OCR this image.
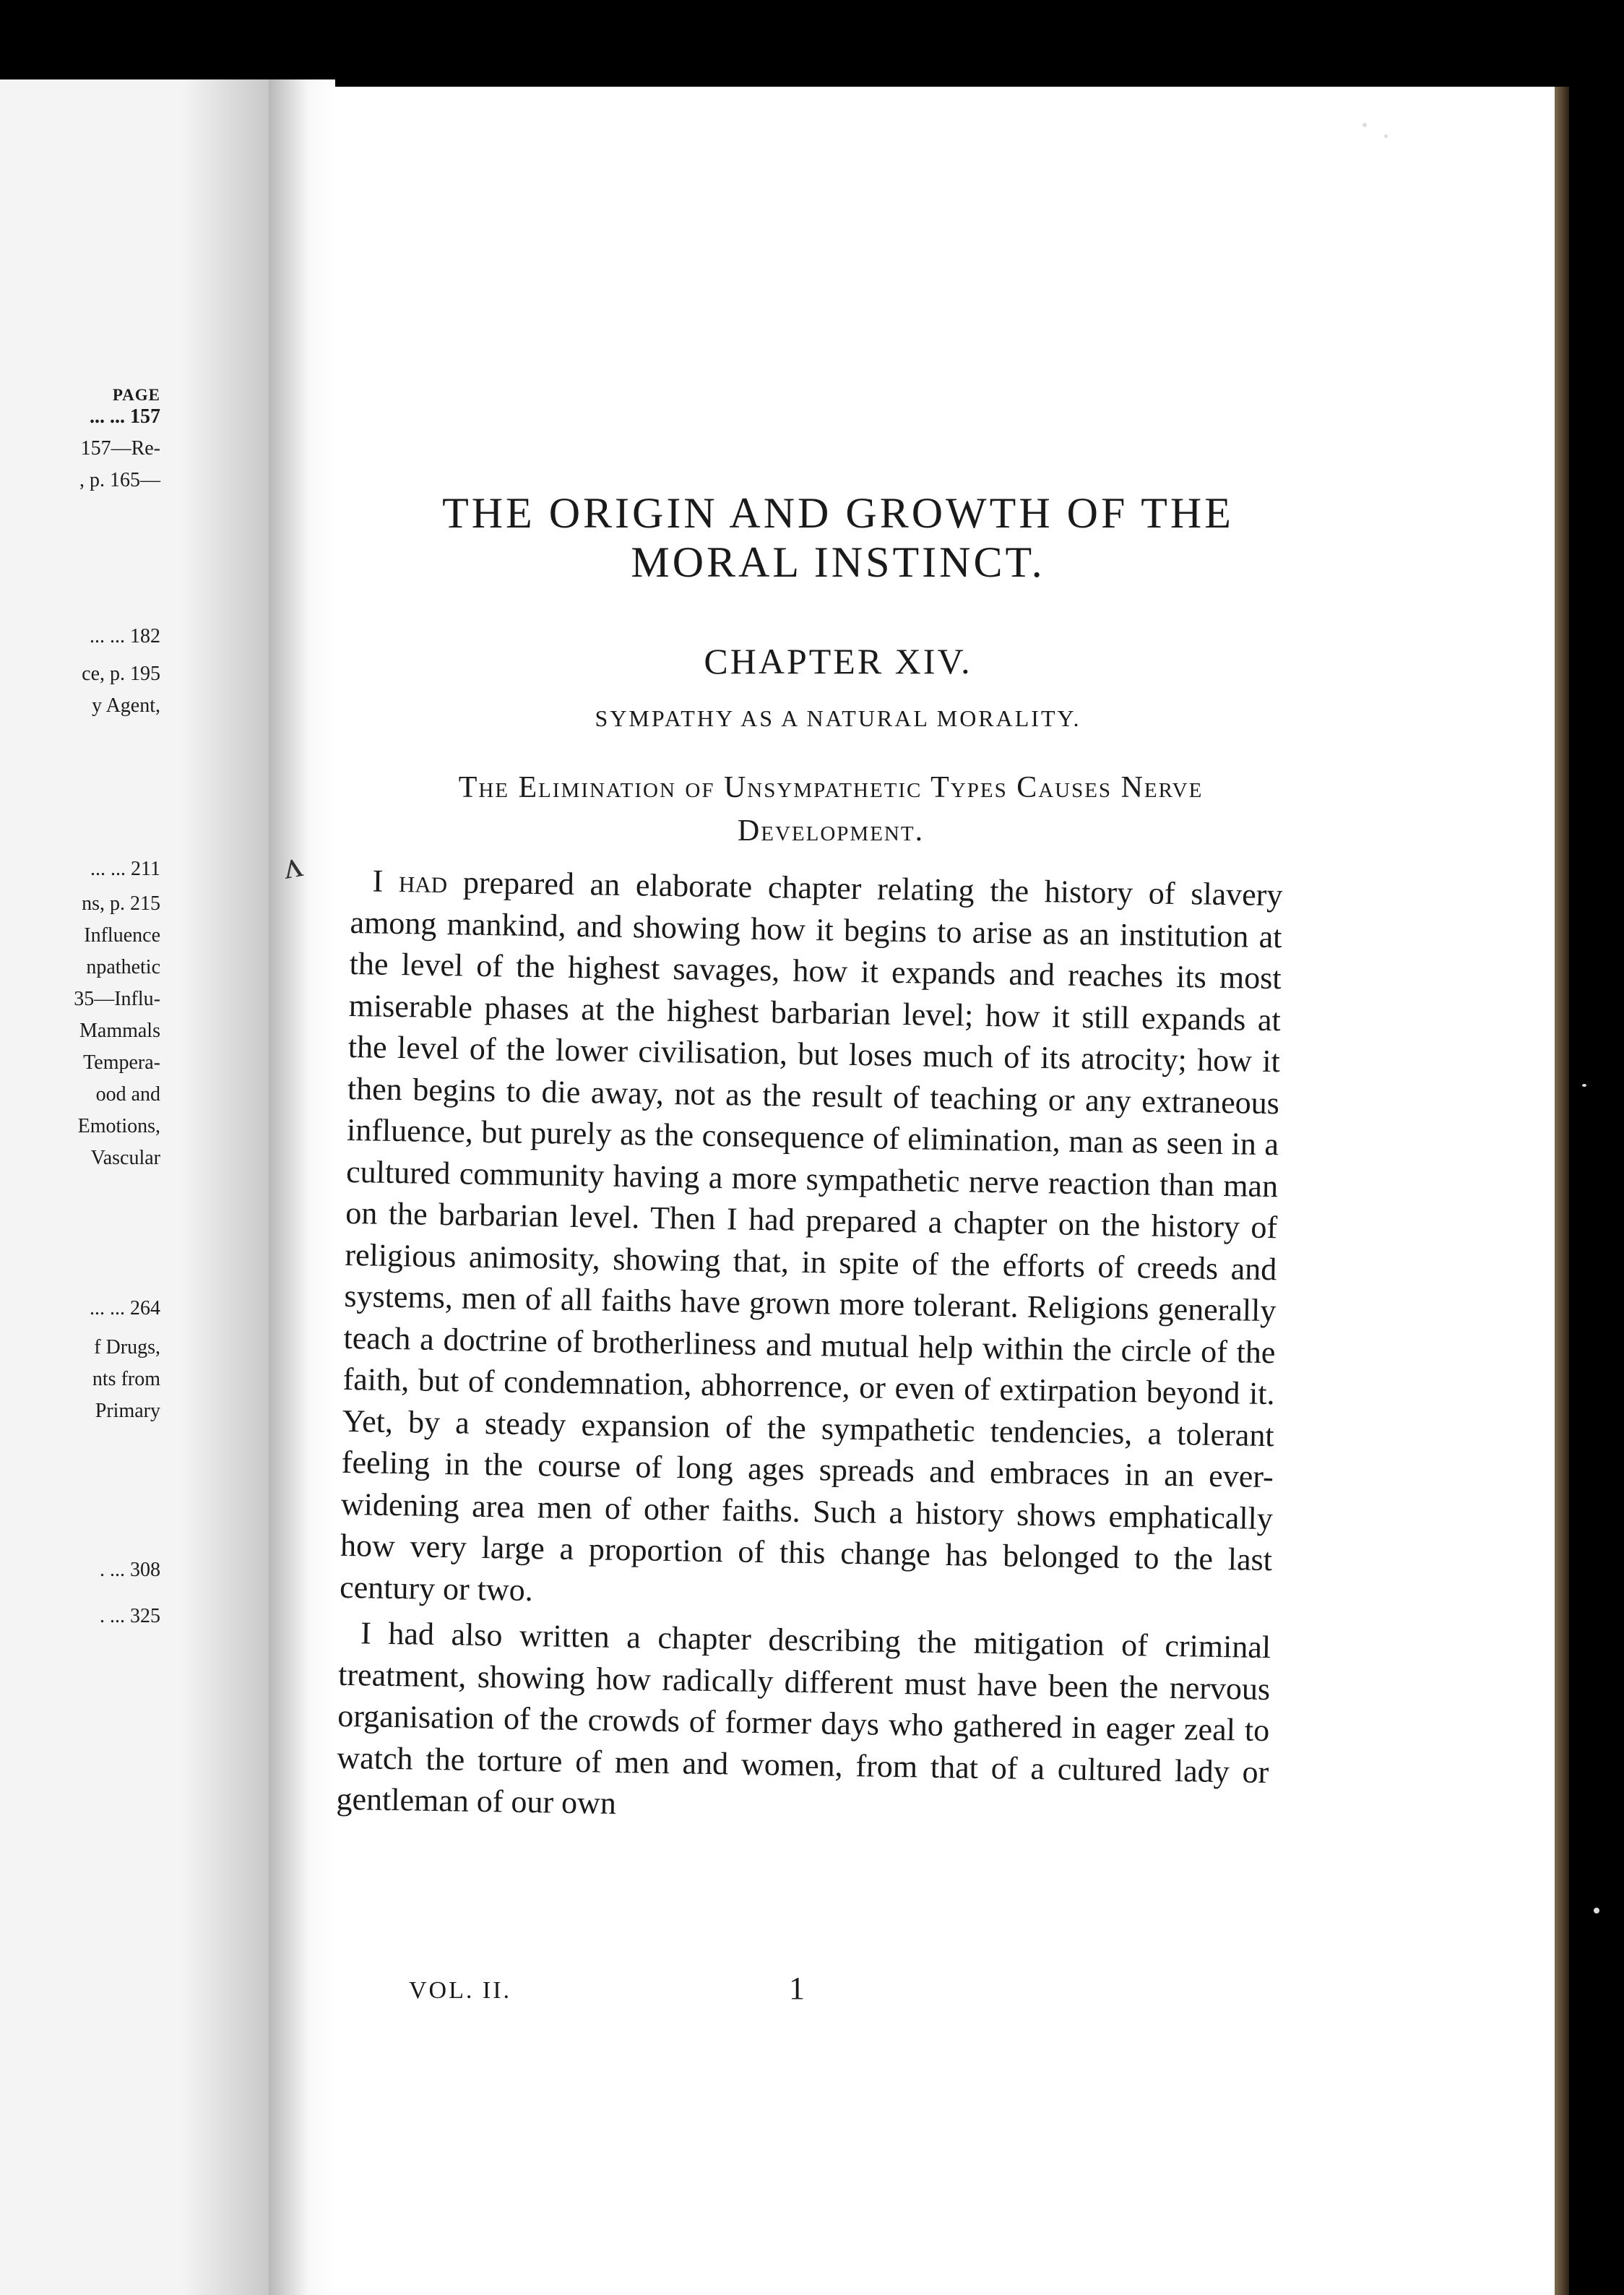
PAGE
... ... 157
157—Re-
, p. 165—
... ... 182
ce, p. 195
y Agent,
... ... 211
ns, p. 215
Influence
npathetic
35—Influ-
Mammals
Tempera-
ood and
Emotions,
Vascular
... ... 264
f Drugs,
nts from
Primary
. ... 308
. ... 325
ᴧ
THE ORIGIN AND GROWTH OF THE
MORAL INSTINCT.
CHAPTER XIV.
SYMPATHY AS A NATURAL MORALITY.
The Elimination of Unsympathetic Types Causes Nerve
Development.

I had prepared an elaborate chapter relating the history of slavery among mankind, and showing how it begins to arise as an institution at the level of the highest savages, how it expands and reaches its most miserable phases at the highest barbarian level; how it still expands at the level of the lower civilisation, but loses much of its atrocity; how it then begins to die away, not as the result of teaching or any extraneous influence, but purely as the consequence of elimination, man as seen in a cultured community having a more sympathetic nerve reaction than man on the barbarian level. Then I had prepared a chapter on the history of religious animosity, showing that, in spite of the efforts of creeds and systems, men of all faiths have grown more tolerant. Religions generally teach a doctrine of brotherliness and mutual help within the circle of the faith, but of condemnation, abhorrence, or even of extirpation beyond it. Yet, by a steady expansion of the sympathetic tendencies, a tolerant feeling in the course of long ages spreads and embraces in an ever-widening area men of other faiths. Such a history shows emphatically how very large a proportion of this change has belonged to the last century or two.

I had also written a chapter describing the mitigation of criminal treatment, showing how radically different must have been the nervous organisation of the crowds of former days who gathered in eager zeal to watch the torture of men and women, from that of a cultured lady or gentleman of our own

VOL. II.	1
